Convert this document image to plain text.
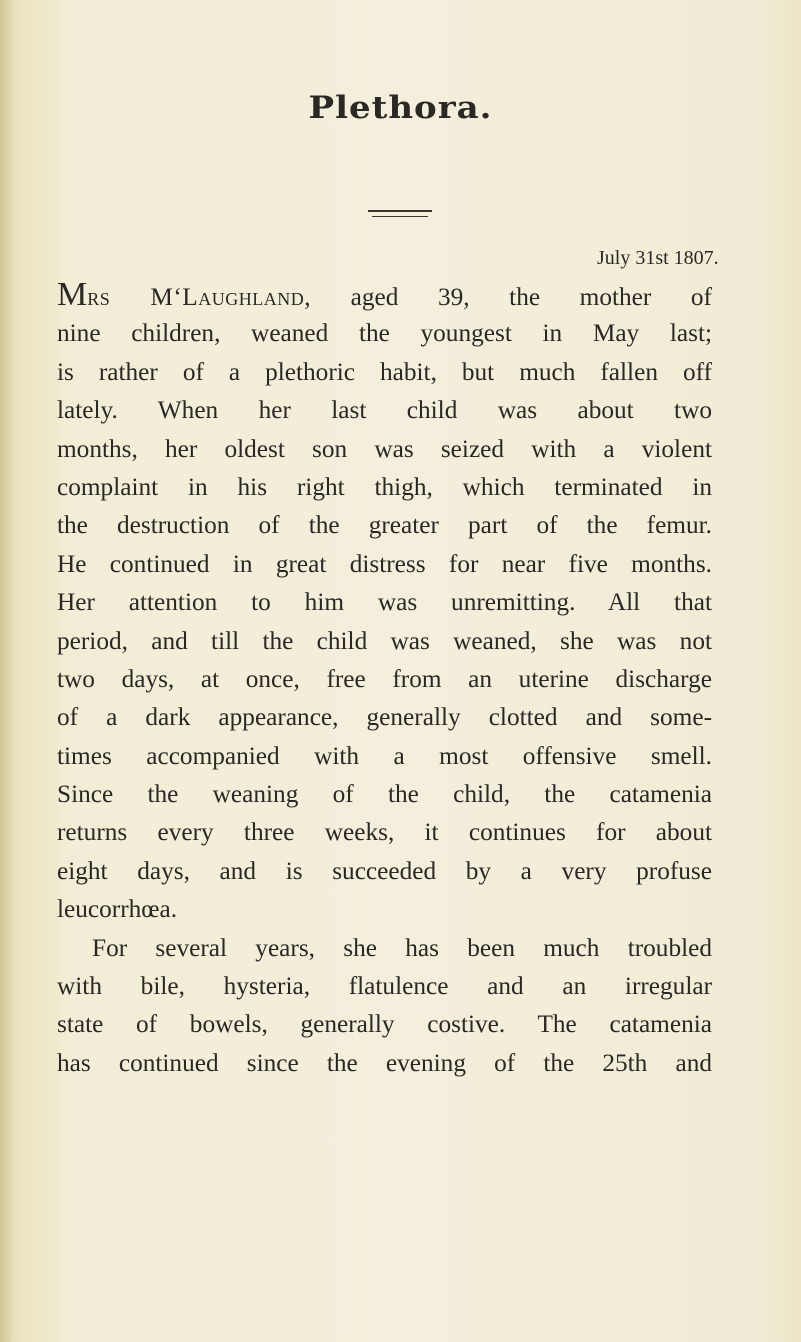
Plethora.
July 31st 1807.
Mrs M‘Laughland, aged 39, the mother of
nine children, weaned the youngest in May last;
is rather of a plethoric habit, but much fallen off
lately. When her last child was about two
months, her oldest son was seized with a violent
complaint in his right thigh, which terminated in
the destruction of the greater part of the femur.
He continued in great distress for near five months.
Her attention to him was unremitting. All that
period, and till the child was weaned, she was not
two days, at once, free from an uterine discharge
of a dark appearance, generally clotted and some-
times accompanied with a most offensive smell.
Since the weaning of the child, the catamenia
returns every three weeks, it continues for about
eight days, and is succeeded by a very profuse
leucorrhœa.
For several years, she has been much troubled
with bile, hysteria, flatulence and an irregular
state of bowels, generally costive. The catamenia
has continued since the evening of the 25th and
